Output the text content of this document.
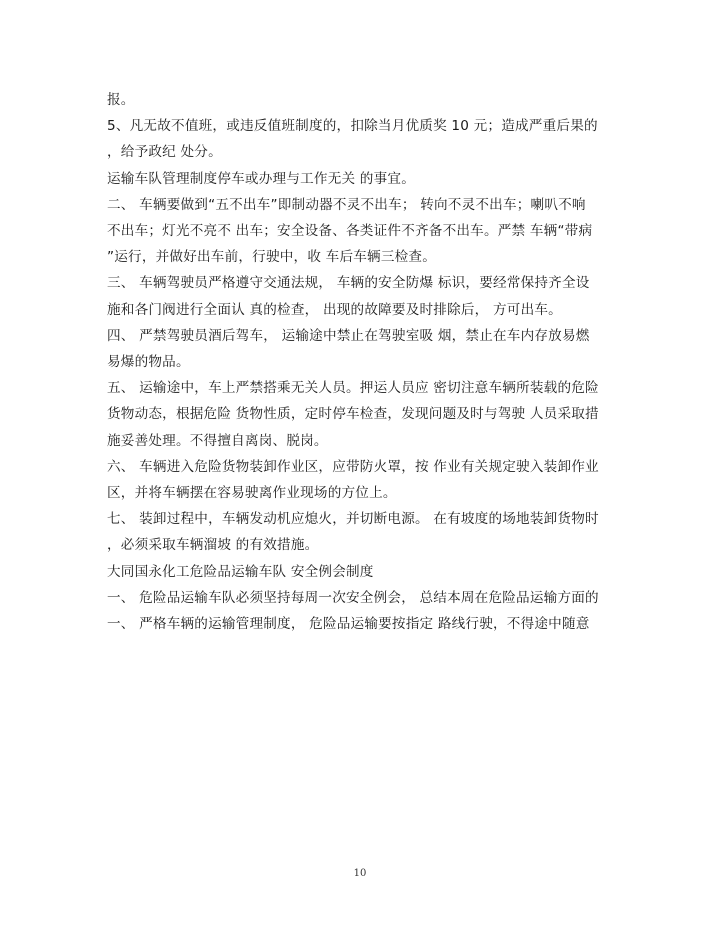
报。
5、凡无故不值班，或违反值班制度的，扣除当月优质奖 10 元；造成严重后果的
，给予政纪 处分。
运输车队管理制度停车或办理与工作无关 的事宜。
二、 车辆要做到“五不出车”即制动器不灵不出车； 转向不灵不出车；喇叭不响
不出车；灯光不亮不 出车；安全设备、各类证件不齐备不出车。严禁 车辆“带病
”运行，并做好出车前，行驶中，收 车后车辆三检查。
三、 车辆驾驶员严格遵守交通法规， 车辆的安全防爆 标识，要经常保持齐全设
施和各门阀进行全面认 真的检查， 出现的故障要及时排除后， 方可出车。
四、 严禁驾驶员酒后驾车， 运输途中禁止在驾驶室吸 烟，禁止在车内存放易燃
易爆的物品。
五、 运输途中，车上严禁搭乘无关人员。押运人员应 密切注意车辆所装载的危险
货物动态，根据危险 货物性质，定时停车检查，发现问题及时与驾驶 人员采取措
施妥善处理。不得擅自离岗、脱岗。
六、 车辆进入危险货物装卸作业区，应带防火罩，按 作业有关规定驶入装卸作业
区，并将车辆摆在容易驶离作业现场的方位上。
七、 装卸过程中，车辆发动机应熄火，并切断电源。 在有坡度的场地装卸货物时
，必须采取车辆溜坡 的有效措施。
大同国永化工危险品运输车队 安全例会制度
一、 危险品运输车队必须坚持每周一次安全例会， 总结本周在危险品运输方面的
一、 严格车辆的运输管理制度， 危险品运输要按指定 路线行驶，不得途中随意
10
